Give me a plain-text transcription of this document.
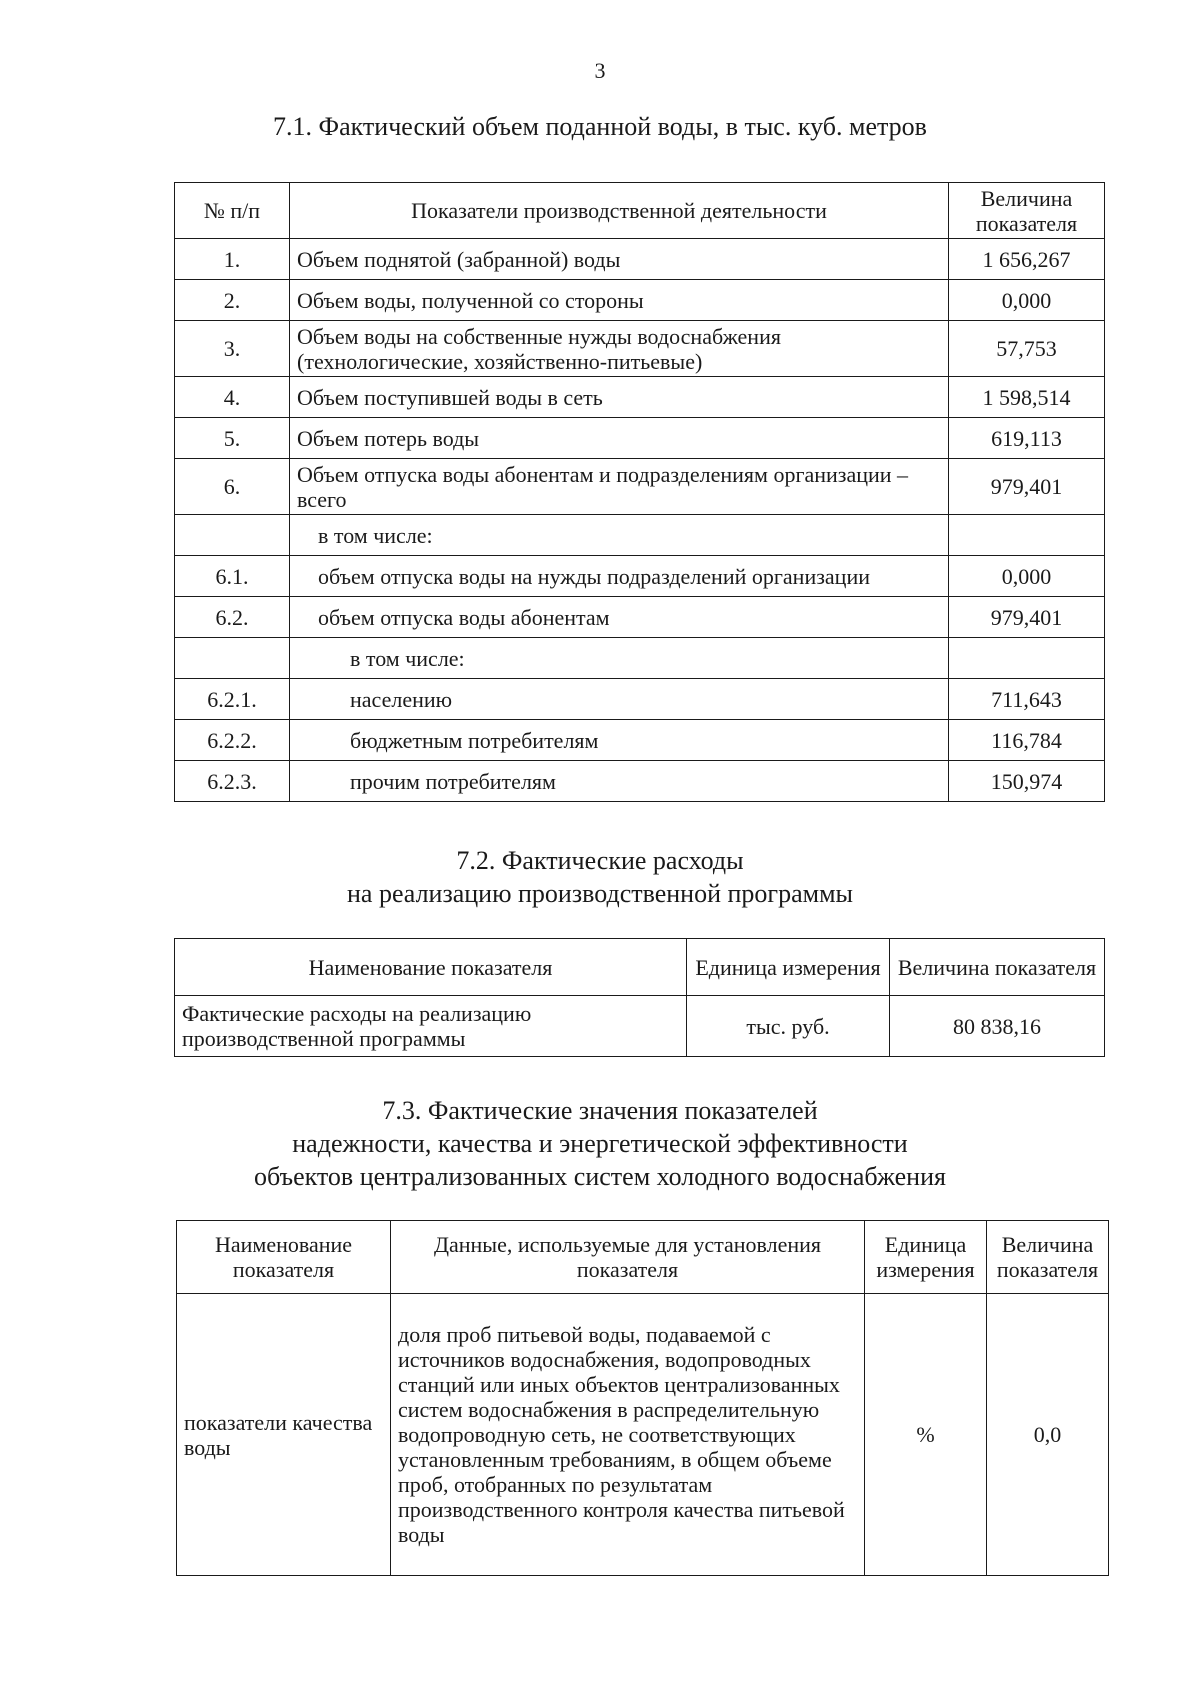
3
7.1. Фактический объем поданной воды, в тыс. куб. метров
№ п/п	Показатели производственной деятельности	Величина показателя
1.	Объем поднятой (забранной) воды	1 656,267
2.	Объем воды, полученной со стороны	0,000
3.	Объем воды на собственные нужды водоснабжения (технологические, хозяйственно-питьевые)	57,753
4.	Объем поступившей воды в сеть	1 598,514
5.	Объем потерь воды	619,113
6.	Объем отпуска воды абонентам и подразделениям организации – всего	979,401
	в том числе:	
6.1.	объем отпуска воды на нужды подразделений организации	0,000
6.2.	объем отпуска воды абонентам	979,401
	в том числе:	
6.2.1.	населению	711,643
6.2.2.	бюджетным потребителям	116,784
6.2.3.	прочим потребителям	150,974
7.2. Фактические расходы
на реализацию производственной программы
Наименование показателя	Единица измерения	Величина показателя
Фактические расходы на реализацию производственной программы	тыс. руб.	80 838,16
7.3. Фактические значения показателей
надежности, качества и энергетической эффективности
объектов централизованных систем холодного водоснабжения
Наименование показателя	Данные, используемые для установления показателя	Единица измерения	Величина показателя
показатели качества воды	доля проб питьевой воды, подаваемой с источников водоснабжения, водопроводных станций или иных объектов централизованных систем водоснабжения в распределительную водопроводную сеть, не соответствующих установленным требованиям, в общем объеме проб, отобранных по результатам производственного контроля качества питьевой воды	%	0,0
